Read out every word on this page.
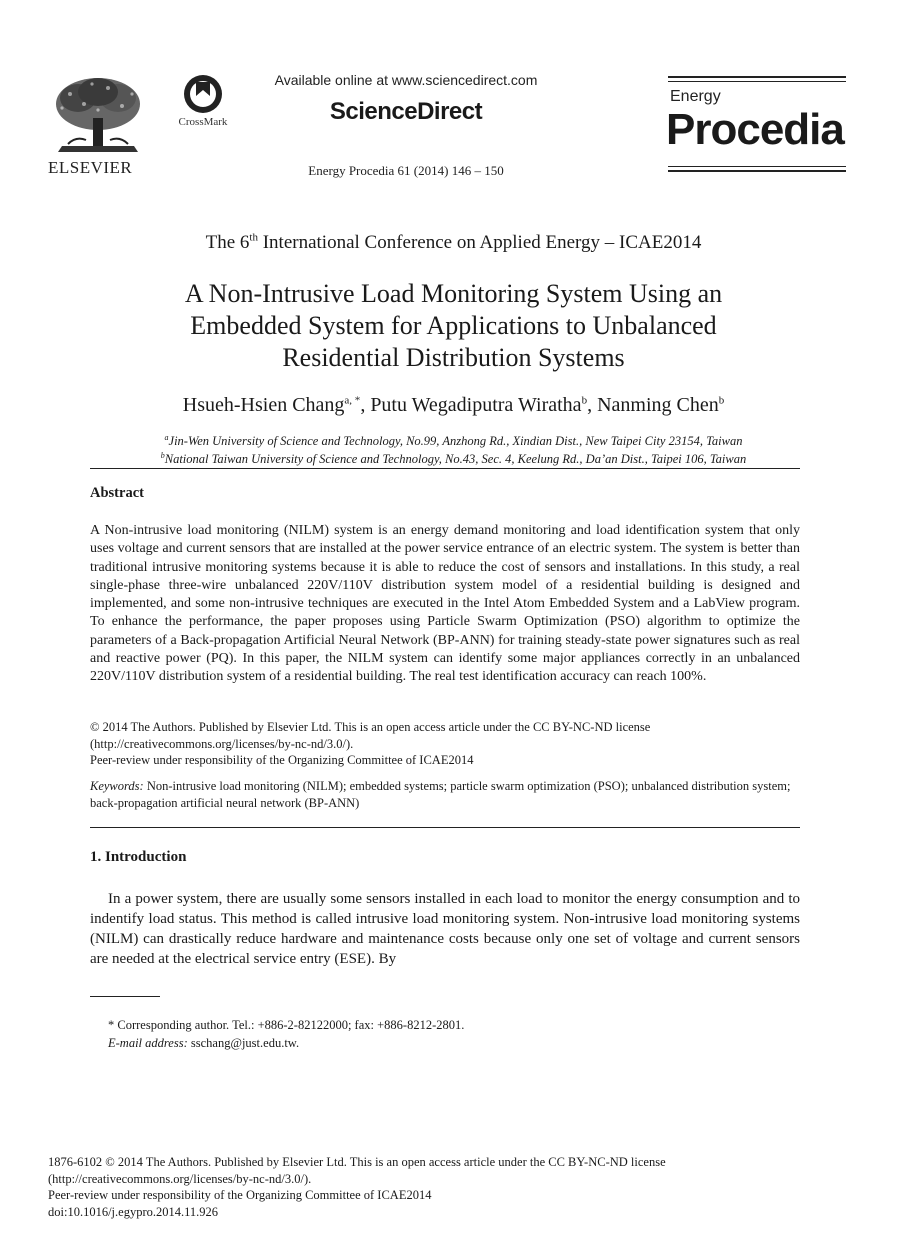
ELSEVIER
CrossMark
Available online at www.sciencedirect.com
ScienceDirect
Energy Procedia 61 (2014) 146 – 150
Energy
Procedia
The 6th International Conference on Applied Energy – ICAE2014
A Non-Intrusive Load Monitoring System Using an
Embedded System for Applications to Unbalanced
Residential Distribution Systems
Hsueh-Hsien Chang$^{a, *}$, Putu Wegadiputra Wiratha$^b$, Nanming Chen$^b$
$^a$Jin-Wen University of Science and Technology, No.99, Anzhong Rd., Xindian Dist., New Taipei City 23154, Taiwan
$^b$National Taiwan University of Science and Technology, No.43, Sec. 4, Keelung Rd., Da’an Dist., Taipei 106, Taiwan
Abstract

A Non-intrusive load monitoring (NILM) system is an energy demand monitoring and load identification system that only uses voltage and current sensors that are installed at the power service entrance of an electric system. The system is better than traditional intrusive monitoring systems because it is able to reduce the cost of sensors and installations. In this study, a real single-phase three-wire unbalanced 220V/110V distribution system model of a residential building is designed and implemented, and some non-intrusive techniques are executed in the Intel Atom Embedded System and a LabView program. To enhance the performance, the paper proposes using Particle Swarm Optimization (PSO) algorithm to optimize the parameters of a Back-propagation Artificial Neural Network (BP-ANN) for training steady-state power signatures such as real and reactive power (PQ). In this paper, the NILM system can identify some major appliances correctly in an unbalanced 220V/110V distribution system of a residential building. The real test identification accuracy can reach 100%.

© 2014 The Authors. Published by Elsevier Ltd. This is an open access article under the CC BY-NC-ND license

(http://creativecommons.org/licenses/by-nc-nd/3.0/).

Peer-review under responsibility of the Organizing Committee of ICAE2014

Keywords: Non-intrusive load monitoring (NILM); embedded systems; particle swarm optimization (PSO); unbalanced distribution system; back-propagation artificial neural network (BP-ANN)
1. Introduction

In a power system, there are usually some sensors installed in each load to monitor the energy consumption and to indentify load status. This method is called intrusive load monitoring system. Non-intrusive load monitoring systems (NILM) can drastically reduce hardware and maintenance costs because only one set of voltage and current sensors are needed at the electrical service entry (ESE). By

* Corresponding author. Tel.: +886-2-82122000; fax: +886-8212-2801.
E-mail address: sschang@just.edu.tw.

1876-6102 © 2014 The Authors. Published by Elsevier Ltd. This is an open access article under the CC BY-NC-ND license

(http://creativecommons.org/licenses/by-nc-nd/3.0/).

Peer-review under responsibility of the Organizing Committee of ICAE2014

doi:10.1016/j.egypro.2014.11.926
